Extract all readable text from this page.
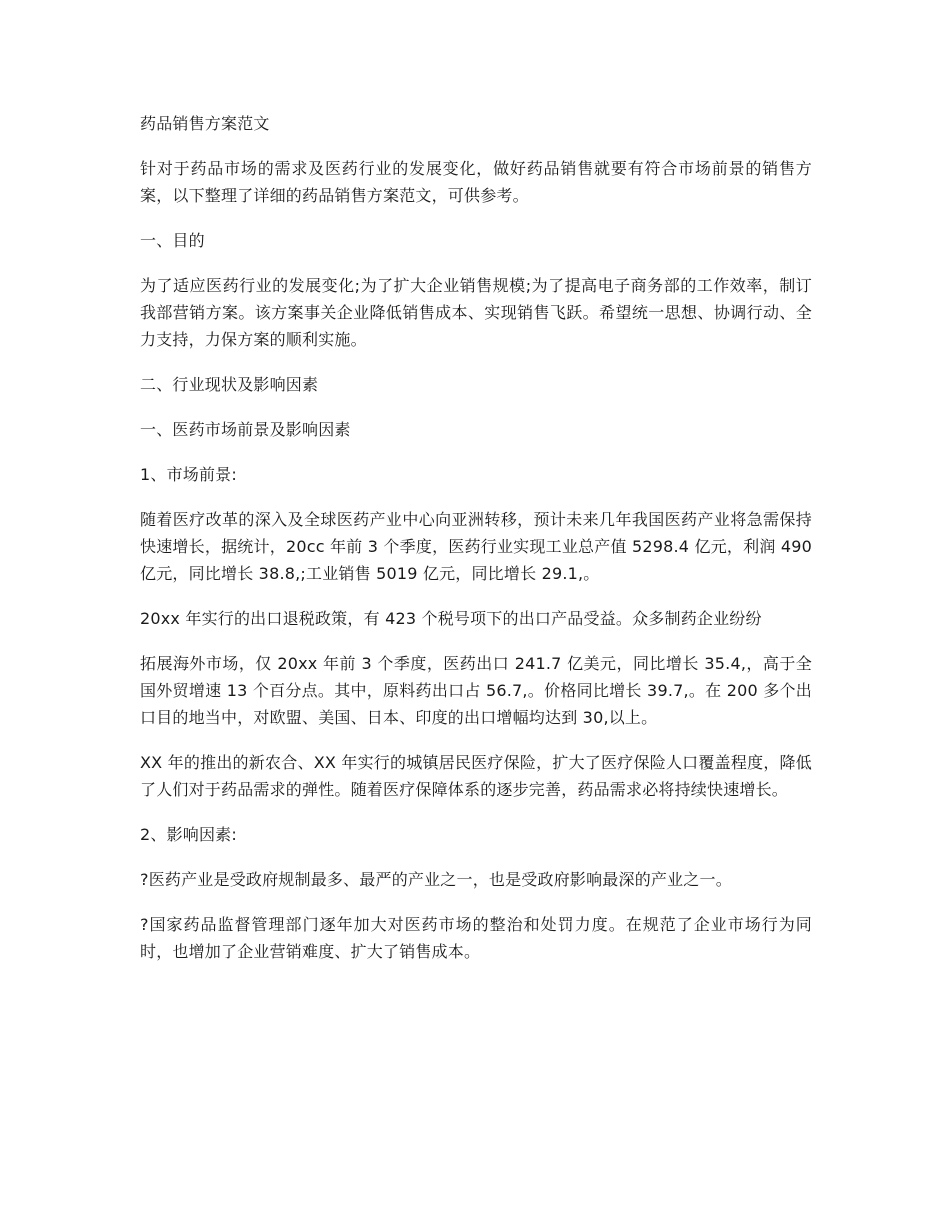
药品销售方案范文

针对于药品市场的需求及医药行业的发展变化，做好药品销售就要有符合市场前景的销售方案，以下整理了详细的药品销售方案范文，可供参考。

一、目的

为了适应医药行业的发展变化;为了扩大企业销售规模;为了提高电子商务部的工作效率，制订我部营销方案。该方案事关企业降低销售成本、实现销售飞跃。希望统一思想、协调行动、全力支持，力保方案的顺利实施。

二、行业现状及影响因素

一、医药市场前景及影响因素

1、市场前景:

随着医疗改革的深入及全球医药产业中心向亚洲转移，预计未来几年我国医药产业将急需保持快速增长，据统计，20cc 年前 3 个季度，医药行业实现工业总产值 5298.4 亿元，利润 490 亿元，同比增长 38.8,;工业销售 5019 亿元，同比增长 29.1,。

20xx 年实行的出口退税政策，有 423 个税号项下的出口产品受益。众多制药企业纷纷

拓展海外市场，仅 20xx 年前 3 个季度，医药出口 241.7 亿美元，同比增长 35.4,，高于全国外贸增速 13 个百分点。其中，原料药出口占 56.7,。价格同比增长 39.7,。在 200 多个出口目的地当中，对欧盟、美国、日本、印度的出口增幅均达到 30,以上。

XX 年的推出的新农合、XX 年实行的城镇居民医疗保险，扩大了医疗保险人口覆盖程度，降低了人们对于药品需求的弹性。随着医疗保障体系的逐步完善，药品需求必将持续快速增长。

2、影响因素:

?医药产业是受政府规制最多、最严的产业之一，也是受政府影响最深的产业之一。

?国家药品监督管理部门逐年加大对医药市场的整治和处罚力度。在规范了企业市场行为同时，也增加了企业营销难度、扩大了销售成本。
